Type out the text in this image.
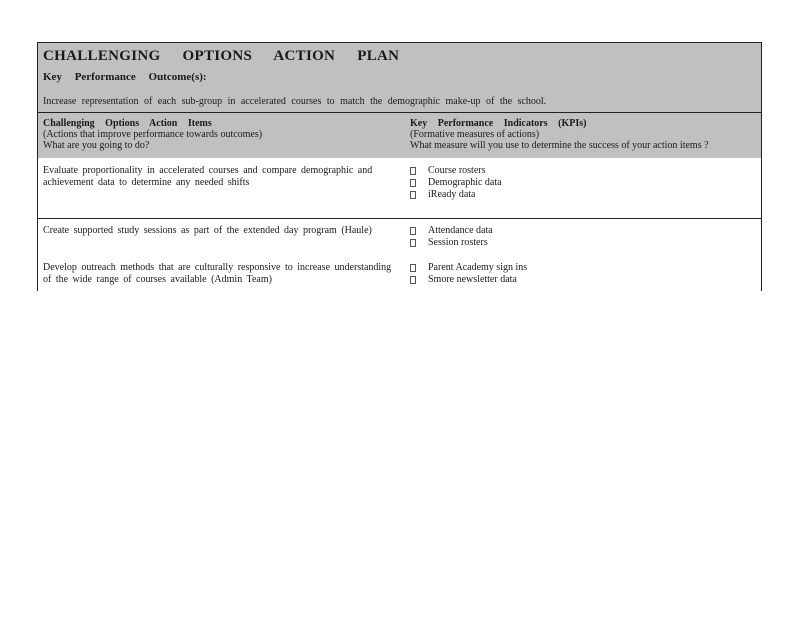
CHALLENGING OPTIONS ACTION PLAN
Key Performance Outcome(s):
Increase representation of each sub-group in accelerated courses to match the demographic make-up of the school.
Challenging Options Action Items
(Actions that improve performance towards outcomes)
What are you going to do?
Key Performance Indicators (KPIs)
(Formative measures of actions)
What measure will you use to determine the success of your action items ?
Evaluate proportionality in accelerated courses and compare demographic and achievement data to determine any needed shifts
Course rosters
Demographic data
iReady data
Create supported study sessions as part of the extended day program (Haule)	Attendance data
Session rosters
Develop outreach methods that are culturally responsive to increase understanding of the wide range of courses available (Admin Team)
Parent Academy sign ins
Smore newsletter data
